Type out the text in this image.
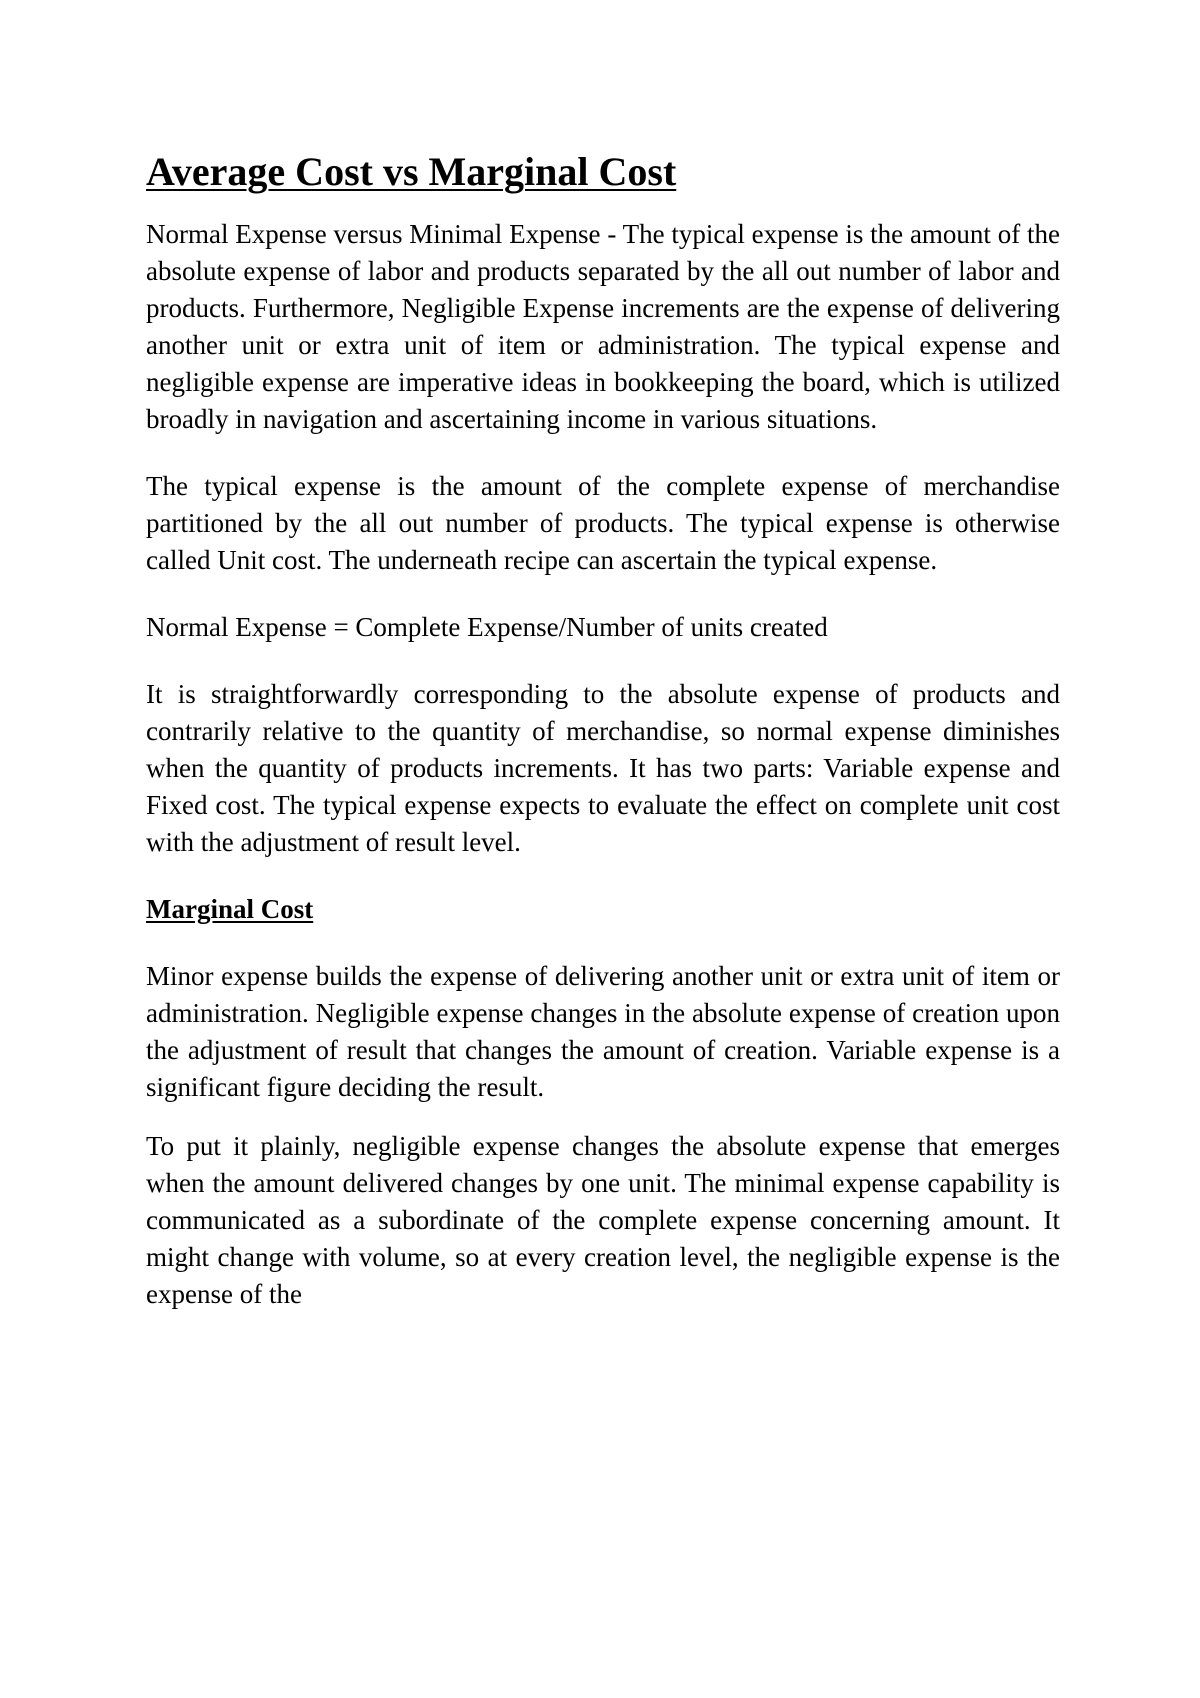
Average Cost vs Marginal Cost

Normal Expense versus Minimal Expense - The typical expense is the amount of the absolute expense of labor and products separated by the all out number of labor and products. Furthermore, Negligible Expense increments are the expense of delivering another unit or extra unit of item or administration. The typical expense and negligible expense are imperative ideas in bookkeeping the board, which is utilized broadly in navigation and ascertaining income in various situations.

The typical expense is the amount of the complete expense of merchandise partitioned by the all out number of products. The typical expense is otherwise called Unit cost. The underneath recipe can ascertain the typical expense.

Normal Expense = Complete Expense/Number of units created

It is straightforwardly corresponding to the absolute expense of products and contrarily relative to the quantity of merchandise, so normal expense diminishes when the quantity of products increments. It has two parts: Variable expense and Fixed cost. The typical expense expects to evaluate the effect on complete unit cost with the adjustment of result level.

Marginal Cost

Minor expense builds the expense of delivering another unit or extra unit of item or administration. Negligible expense changes in the absolute expense of creation upon the adjustment of result that changes the amount of creation. Variable expense is a significant figure deciding the result.

To put it plainly, negligible expense changes the absolute expense that emerges when the amount delivered changes by one unit. The minimal expense capability is communicated as a subordinate of the complete expense concerning amount. It might change with volume, so at every creation level, the negligible expense is the expense of the
